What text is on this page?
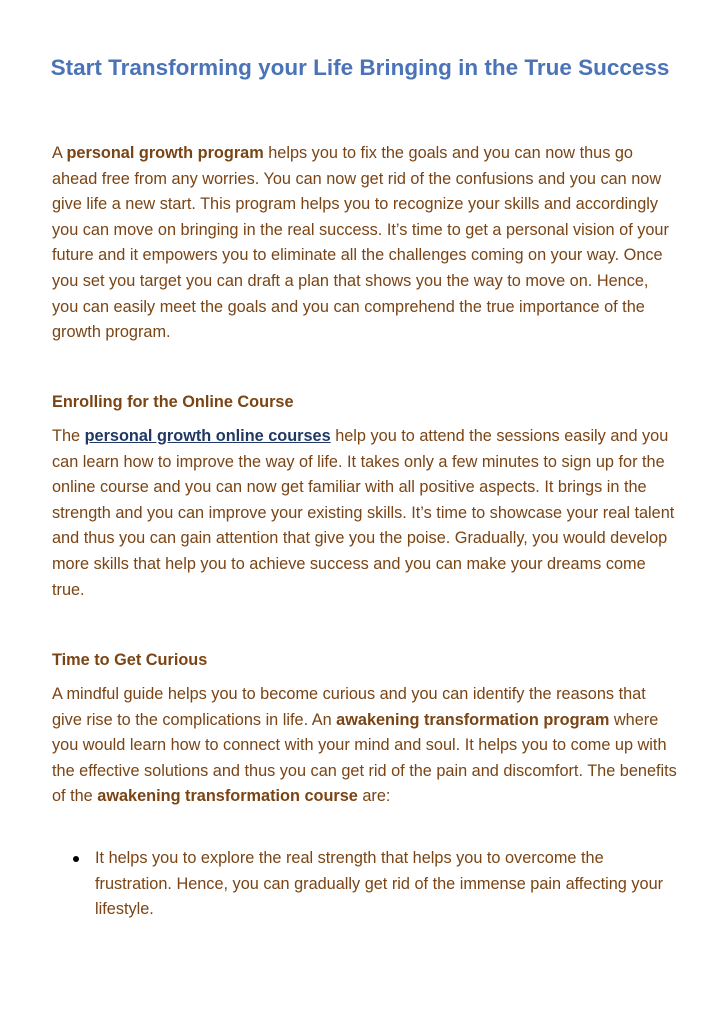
Start Transforming your Life Bringing in the True Success

A personal growth program helps you to fix the goals and you can now thus go ahead free from any worries. You can now get rid of the confusions and you can now give life a new start. This program helps you to recognize your skills and accordingly you can move on bringing in the real success. It’s time to get a personal vision of your future and it empowers you to eliminate all the challenges coming on your way. Once you set you target you can draft a plan that shows you the way to move on. Hence, you can easily meet the goals and you can comprehend the true importance of the growth program.

Enrolling for the Online Course

The personal growth online courses help you to attend the sessions easily and you can learn how to improve the way of life. It takes only a few minutes to sign up for the online course and you can now get familiar with all positive aspects. It brings in the strength and you can improve your existing skills. It’s time to showcase your real talent and thus you can gain attention that give you the poise. Gradually, you would develop more skills that help you to achieve success and you can make your dreams come true.

Time to Get Curious

A mindful guide helps you to become curious and you can identify the reasons that give rise to the complications in life. An awakening transformation program where you would learn how to connect with your mind and soul. It helps you to come up with the effective solutions and thus you can get rid of the pain and discomfort. The benefits of the awakening transformation course are:

It helps you to explore the real strength that helps you to overcome the frustration. Hence, you can gradually get rid of the immense pain affecting your lifestyle.
